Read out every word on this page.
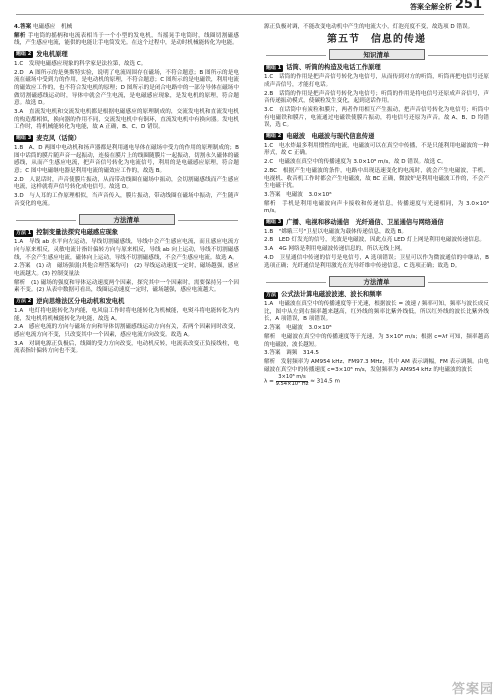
答案全解全析 251
4.答案 电磁感应　机械
解析 手电筒的摇柄和电流表相当于一个小型的发电机，当摇晃手电筒时，线圈切割磁感线，产生感应电流，能供的电能让手电筒发光。在这个过程中，是动时机械能转化为电能。
题组 2 发电机原理
1.C　发现电磁感应现象的科学家是法拉第，故选 C。
2.D　A 图所示的是奥斯特实验，说明了电流周围存在磁场，不符合题意；B 图所示的是电流在磁场中受到力的作用，是电动机的原理，不符合题意；C 图所示的是电磁铁，利用电流的磁效应工作的，也不符合发电机的原理；D 图所示的是闭合电路中的一部分导体在磁场中做切割磁感线运动时，导体中就会产生电流，是电磁感应现象，是发电机的原理，符合题意。故选 D。
3.A　直流发电机和交流发电机都是根据电磁感应的原理制成的，交流发电机和直流发电机的构造都相似，换向器的作用不同，交流发电机中有铜环，直流发电机中有换向器。发电机工作时，将机械能转化为电能，故 A 正确，B、C、D 错误。
题组 3 麦克风（话筒）
1.B　A、D 两图中电动机和扬声器都是利用通电导体在磁场中受力的作用的原理制成的；B 图中话筒的膜片随声音一起振动，连接在膜片上的线圈随膜片一起振动，切割永久磁体的磁感线，从而产生感应电流，把声音信号转化为电流信号，利用的是电磁感应原理，符合题意；C 图中电磁继电器是利用电流的磁效应工作的，故选 B。
2.D　人说话时，声音使膜片振动，从而带动线圈在磁场中振动，会切割磁感线而产生感应电流，这样就将声信号转化成电信号。故选 D。
3.D　与人耳的工作原理相似，当声音传入，膜片振动，带动线圈在磁场中振动，产生随声音变化的电流。
方法清单
方法 1 控制变量法探究电磁感应现象
1.A　导线 ab 水平向左运动，导线切割磁感线，导线中会产生感应电流，而且感应电流方向与原来相反，灵敏电流计指针偏转方向与原来相反，导线 ab 向上运动，导线不切割磁感线，不会产生感应电流，磁体向上运动，导线不切割磁感线，不会产生感应电流。故选 A。
2.答案　(1) 动　磁场强弱(其他合理答案均可)　(2) 导线运动速度一定时，磁场越强，感应电流越大。(3) 控制变量法
解析　(1) 磁场的强度和导体运动速度两个因素，探究其中一个因素时，需要保持另一个因素不变。(2) 从表中数据可看出，线圈运动速度一定时，磁场越强，感应电流越大。
方法 2 逆向思维法区分电动机和发电机
1.A　电灯将电能转化为内能，电风扇工作时将电能转化为机械能，电熨斗将电能转化为内能，发电机将机械能转化为电能，故选 A。
2.A　感应电流的方向与磁场方向和导体切割磁感线运动方向有关，若两个因素同时改变，感应电流方向不变，只改变其中一个因素，感应电流方向改变。故选 A。
3.A　对调电源正负极后，线圈的受力方向改变，电动机反转，电流表改变正负接线柱，电流表指针偏转方向也不变。
源正负极对调，不能改变电动机中产生的电流大小，灯泡亮度不变，故选项 D 错误。
第五节　信息的传递
知识清单
题组 1 话筒、听筒的构造及电话工作原理
1.C　话筒的作用是把声音信号转化为电信号，从而传到对方的听筒，听筒再把电信号还原成声音信号，才能打电话。
2.B　话筒的作用是把声音信号转化为电信号；听筒的作用是将电信号还原成声音信号，声音传递振动模式，使碳粒发生变化，起到送话作用。
3.C　在话筒中有炭粒和膜片，两者作用相互产生振动，把声音信号转化为电信号；听筒中有电磁铁和膜片，电流通过电磁铁使膜片振动，将电信号还原为声音。故 A、B、D 均错误，选 C。
题组 2 电磁波　电磁波与现代信息传递
1.C　电水炸最多利用惯性的电流，电磁波可以在真空中传播，不是只能利用电磁波的一种形式，故 C 正确。
2.C　电磁波在真空中的传播速度为 3.0×10⁸ m/s，故 D 错误。故选 C。
2.BC　根据产生电磁波的条件，电路中出现迅速变化的电流时，就会产生电磁波，手机、电视机、收音机工作时都会产生电磁波，故 BC 正确，微波炉是利用电磁波工作的，不会产生电磁干扰。
3.答案　电磁波　3.0×10⁸
解析　手机是利用电磁波向声卡接收和传递信息，传播速度与光速相同，为 3.0×10⁸ m/s。
题组 3 广播、电视和移动通信　光纤通信、卫星通信与网络通信
1.B　"嫦娥三号"卫星以电磁波为载体传递信息，故选 B。
2.B　LED 灯发光的信号，光波是电磁波，因此点亮 LED 灯上网是利用电磁波传递信息。
3.A　4G 网络是利用电磁波传递信息的，所以无线上网。
4.D　卫星通信中传递的信号是电信号，A 选项错误；卫星可以作为微波通信的中继站，B 选项正确；光纤通信是利用激光在光导纤维中传递信息，C 选项正确；故选 D。
方法清单
方法 公式法计算电磁波波速、波长和频率
1.A　电磁波在真空中的传播速度等于光速，根据波长 = 波速 / 频率可知，频率与波长成反比，图中从左到右频率越来越高，红外线的频率比紫外线低，所以红外线的波长比紫外线长，A 项错误，B 项错误。
2.答案　电磁波　3.0×10⁸
解析　电磁波在真空中的传播速度等于光速，为 3×10⁸ m/s；根据 c=λf 可知，频率越高的电磁波，波长越短。
3.答案　调频　314.5
解析　发射频率为 AM954 kHz、FM97.3 MHz，其中 AM 表示调幅，FM 表示调频。由电磁波在真空中的传播速度 c=3×10⁸ m/s，发射频率为 AM954 kHz 的电磁波的波长
$\lambda = \frac{\text{3×10⁸ m/s}}{\text{9.54×10⁵ Hz}} \approx 314.5$ m
答案园
